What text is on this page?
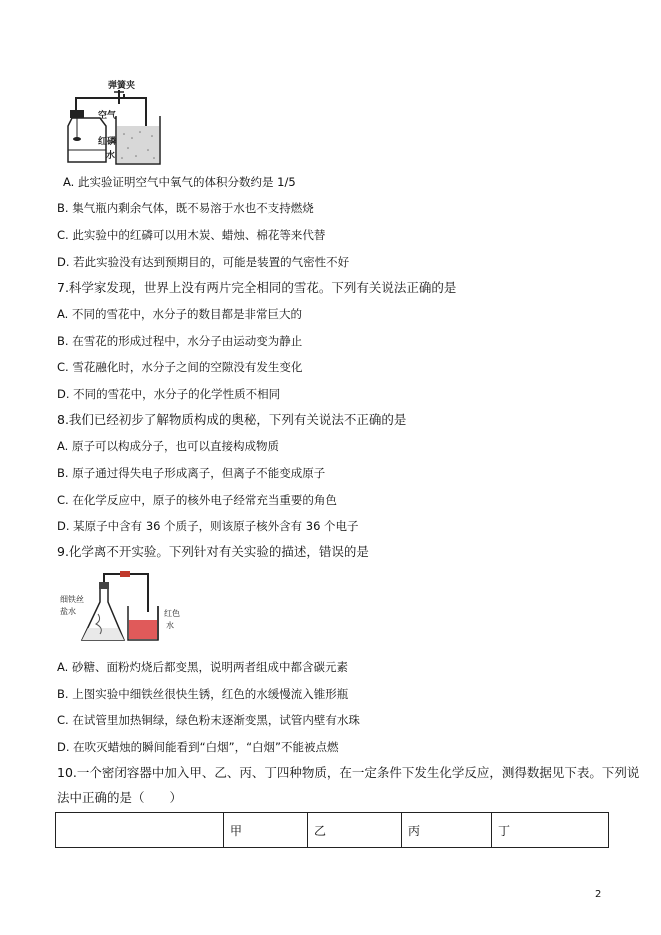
弹簧夹
空气
红磷
水
A. 此实验证明空气中氧气的体积分数约是 1/5
B. 集气瓶内剩余气体，既不易溶于水也不支持燃烧
C. 此实验中的红磷可以用木炭、蜡烛、棉花等来代替
D. 若此实验没有达到预期目的，可能是装置的气密性不好
7.科学家发现，世界上没有两片完全相同的雪花。下列有关说法正确的是
A. 不同的雪花中，水分子的数目都是非常巨大的
B. 在雪花的形成过程中，水分子由运动变为静止
C. 雪花融化时，水分子之间的空隙没有发生变化
D. 不同的雪花中，水分子的化学性质不相同
8.我们已经初步了解物质构成的奥秘，下列有关说法不正确的是
A. 原子可以构成分子，也可以直接构成物质
B. 原子通过得失电子形成离子，但离子不能变成原子
C. 在化学反应中，原子的核外电子经常充当重要的角色
D. 某原子中含有 36 个质子，则该原子核外含有 36 个电子
9.化学离不开实验。下列针对有关实验的描述，错误的是
细铁丝
盐水	红色
水
A. 砂糖、面粉灼烧后都变黑，说明两者组成中都含碳元素
B. 上图实验中细铁丝很快生锈，红色的水缓慢流入锥形瓶
C. 在试管里加热铜绿，绿色粉末逐渐变黑，试管内壁有水珠
D. 在吹灭蜡烛的瞬间能看到“白烟”，“白烟”不能被点燃
10.一个密闭容器中加入甲、乙、丙、丁四种物质，在一定条件下发生化学反应，测得数据见下表。下列说
法中正确的是（　　）
	甲	乙	丙	丁
2
